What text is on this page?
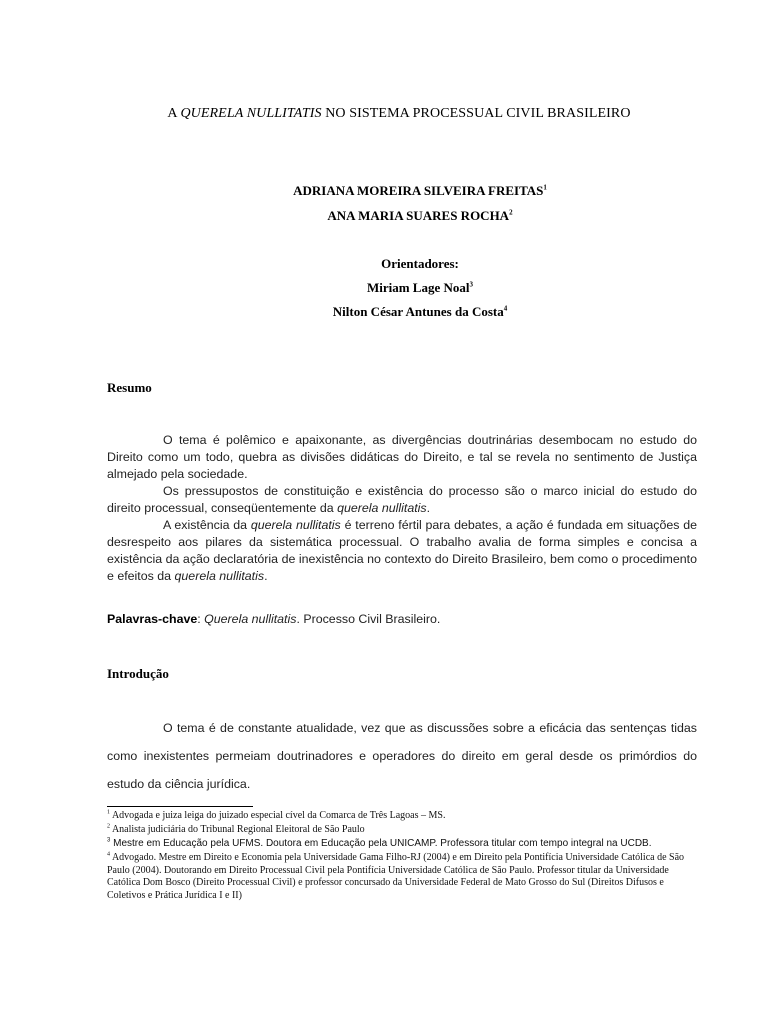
A QUERELA NULLITATIS NO SISTEMA PROCESSUAL CIVIL BRASILEIRO
ADRIANA MOREIRA SILVEIRA FREITAS$^1$
ANA MARIA SUARES ROCHA$^2$
Orientadores:
Miriam Lage Noal$^3$
Nilton César Antunes da Costa$^4$
Resumo

O tema é polêmico e apaixonante, as divergências doutrinárias desembocam no estudo do Direito como um todo, quebra as divisões didáticas do Direito, e tal se revela no sentimento de Justiça almejado pela sociedade.

Os pressupostos de constituição e existência do processo são o marco inicial do estudo do direito processual, conseqüentemente da querela nullitatis.

A existência da querela nullitatis é terreno fértil para debates, a ação é fundada em situações de desrespeito aos pilares da sistemática processual. O trabalho avalia de forma simples e concisa a existência da ação declaratória de inexistência no contexto do Direito Brasileiro, bem como o procedimento e efeitos da querela nullitatis.

Palavras-chave: Querela nullitatis. Processo Civil Brasileiro.
Introdução

O tema é de constante atualidade, vez que as discussões sobre a eficácia das sentenças tidas como inexistentes permeiam doutrinadores e operadores do direito em geral desde os primórdios do estudo da ciência jurídica.

$^1$ Advogada e juiza leiga do juizado especial cível da Comarca de Três Lagoas – MS.

$^2$ Analista judiciária do Tribunal Regional Eleitoral de São Paulo

$^3$ Mestre em Educação pela UFMS. Doutora em Educação pela UNICAMP. Professora titular com tempo integral na UCDB.

$^4$ Advogado. Mestre em Direito e Economia pela Universidade Gama Filho-RJ (2004) e em Direito pela Pontifícia Universidade Católica de São Paulo (2004). Doutorando em Direito Processual Civil pela Pontifícia Universidade Católica de São Paulo. Professor titular da Universidade Católica Dom Bosco (Direito Processual Civil) e professor concursado da Universidade Federal de Mato Grosso do Sul (Direitos Difusos e Coletivos e Prática Jurídica I e II)
